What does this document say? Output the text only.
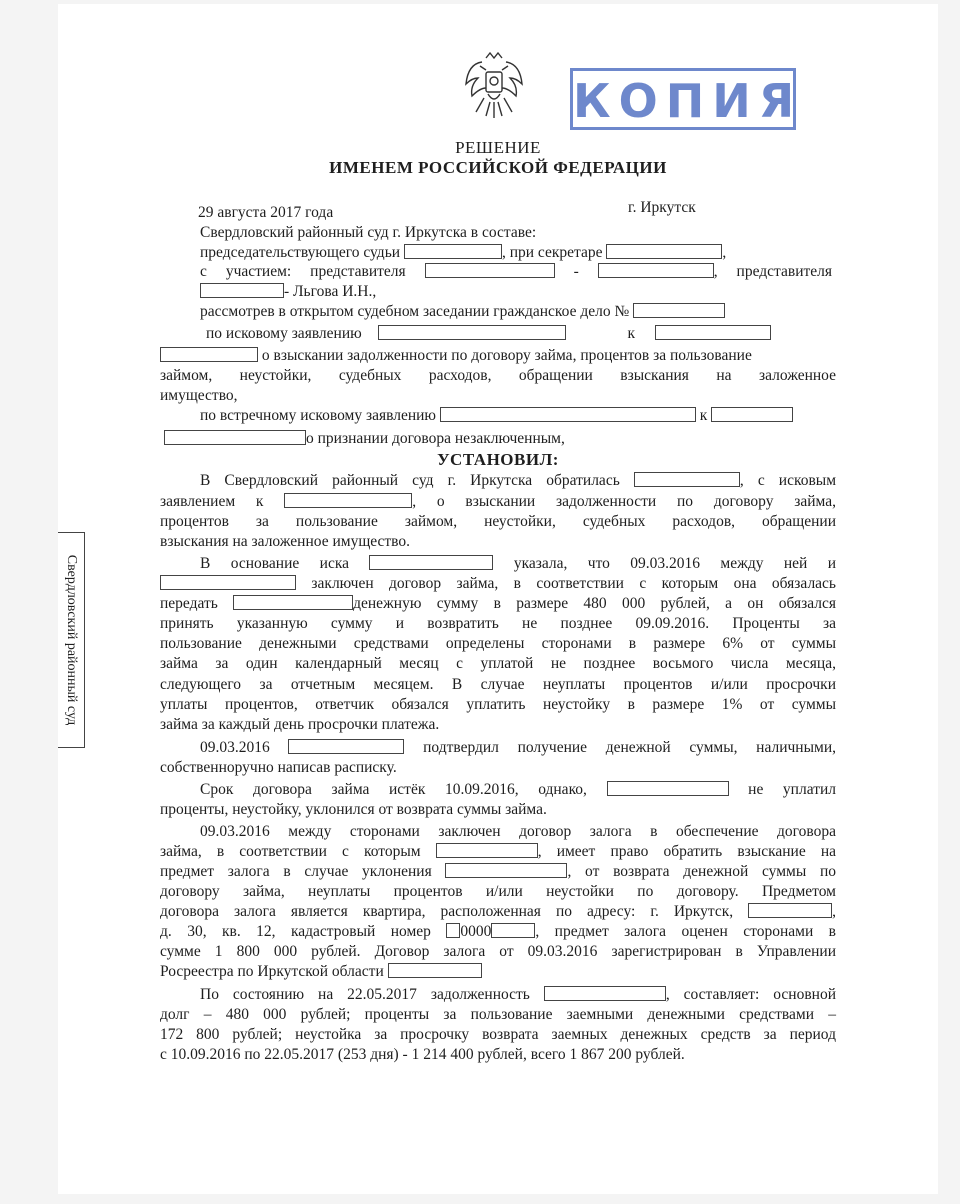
КОПИЯ
Свердловский районный суд
РЕШЕНИЕ
ИМЕНЕМ РОССИЙСКОЙ ФЕДЕРАЦИИ
29 августа 2017 года	г. Иркутск
Свердловский районный суд г. Иркутска в составе:
председательствующего судьи	, при секретаре	,
с участием: представителя	-	, представителя
- Льгова И.Н.,
рассмотрев в открытом судебном заседании гражданское дело №
по исковому заявлению	к
о взыскании задолженности по договору займа, процентов за пользование
займом, неустойки, судебных расходов, обращении взыскания на заложенное
имущество,
по встречному исковому заявлению	к
о признании договора незаключенным,
УСТАНОВИЛ:
В Свердловский районный суд г. Иркутска обратилась	, с исковым
заявлением к	, о взыскании задолженности по договору займа,
процентов за пользование займом, неустойки, судебных расходов, обращении
взыскания на заложенное имущество.
В основание иска	указала, что 09.03.2016 между ней и
заключен договор займа, в соответствии с которым она обязалась
передать	денежную сумму в размере 480 000 рублей, а он обязался
принять указанную сумму и возвратить не позднее 09.09.2016. Проценты за
пользование денежными средствами определены сторонами в размере 6% от суммы
займа за один календарный месяц с уплатой не позднее восьмого числа месяца,
следующего за отчетным месяцем. В случае неуплаты процентов и/или просрочки
уплаты процентов, ответчик обязался уплатить неустойку в размере 1% от суммы
займа за каждый день просрочки платежа.
09.03.2016	подтвердил получение денежной суммы, наличными,
собственноручно написав расписку.
Срок договора займа истёк 10.09.2016, однако,	не уплатил
проценты, неустойку, уклонился от возврата суммы займа.
09.03.2016 между сторонами заключен договор залога в обеспечение договора
займа, в соответствии с которым	, имеет право обратить взыскание на
предмет залога в случае уклонения	, от возврата денежной суммы по
договору займа, неуплаты процентов и/или неустойки по договору. Предметом
договора залога является квартира, расположенная по адресу: г. Иркутск,	,
д. 30, кв. 12, кадастровый номер 0000	, предмет залога оценен сторонами в
сумме 1 800 000 рублей. Договор залога от 09.03.2016 зарегистрирован в Управлении
Росреестра по Иркутской области
По состоянию на 22.05.2017 задолженность	, составляет: основной
долг – 480 000 рублей; проценты за пользование заемными денежными средствами –
172 800 рублей; неустойка за просрочку возврата заемных денежных средств за период
с 10.09.2016 по 22.05.2017 (253 дня) - 1 214 400 рублей, всего 1 867 200 рублей.
